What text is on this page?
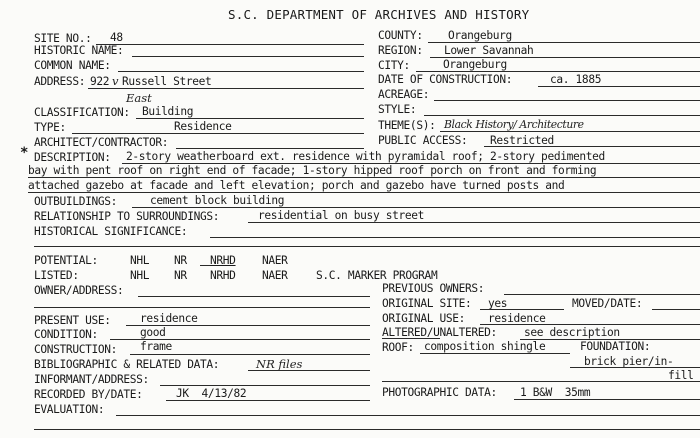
S.C. DEPARTMENT OF ARCHIVES AND HISTORY
SITE NO.: 48
HISTORIC NAME:
COMMON NAME:
ADDRESS: 922 v Russell Street
East
CLASSIFICATION: Building
TYPE:	Residence
ARCHITECT/CONTRACTOR:
COUNTY: Orangeburg
REGION: Lower Savannah
CITY:	Orangeburg
DATE OF CONSTRUCTION:	ca. 1885
ACREAGE:
STYLE:
THEME(S): Black History/ Architecture
PUBLIC ACCESS: Restricted
* DESCRIPTION: 2-story weatherboard ext. residence with pyramidal roof; 2-story pedimented
bay with pent roof on right end of facade; 1-story hipped roof porch on front and forming
attached gazebo at facade and left elevation; porch and gazebo have turned posts and
OUTBUILDINGS:	cement block building
RELATIONSHIP TO SURROUNDINGS:	residential on busy street
HISTORICAL SIGNIFICANCE:
POTENTIAL:	NHL NR NRHD NAER
LISTED:	NHL NR NRHD NAER	S.C. MARKER PROGRAM
OWNER/ADDRESS:	PREVIOUS OWNERS:
ORIGINAL SITE: yes	MOVED/DATE:
PRESENT USE:	residence	ORIGINAL USE: residence
CONDITION:	good	ALTERED/UNALTERED: see description
CONSTRUCTION: frame	ROOF: composition shingle	FOUNDATION:
brick pier/in-
fill
BIBLIOGRAPHIC & RELATED DATA:	NR files
INFORMANT/ADDRESS:
RECORDED BY/DATE:	JK  4/13/82	PHOTOGRAPHIC DATA: 1 B&W  35mm
EVALUATION:
